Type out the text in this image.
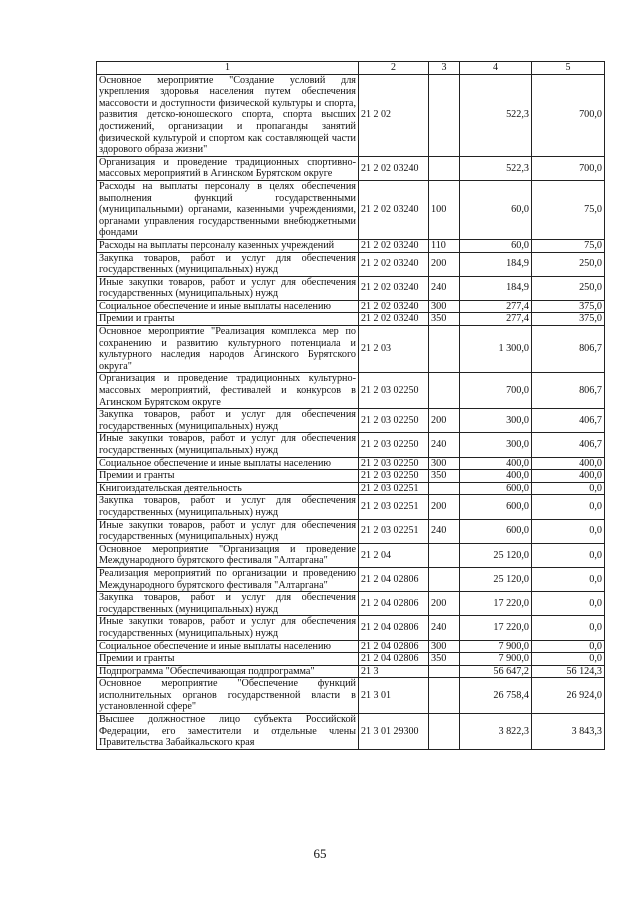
1	2	3	4	5
Основное мероприятие "Создание условий для укрепления здоровья населения путем обеспечения массовости и доступности физической культуры и спорта, развития детско-юношеского спорта, спорта высших достижений, организации и пропаганды занятий физической культурой и спортом как составляющей части здорового образа жизни"	21 2 02		522,3	700,0
Организация и проведение традиционных спортивно-массовых мероприятий в Агинском Бурятском округе	21 2 02 03240		522,3	700,0
Расходы на выплаты персоналу в целях обеспечения выполнения функций государственными (муниципальными) органами, казенными учреждениями, органами управления государственными внебюджетными фондами	21 2 02 03240	100	60,0	75,0
Расходы на выплаты персоналу казенных учреждений	21 2 02 03240	110	60,0	75,0
Закупка товаров, работ и услуг для обеспечения государственных (муниципальных) нужд	21 2 02 03240	200	184,9	250,0
Иные закупки товаров, работ и услуг для обеспечения государственных (муниципальных) нужд	21 2 02 03240	240	184,9	250,0
Социальное обеспечение и иные выплаты населению	21 2 02 03240	300	277,4	375,0
Премии и гранты	21 2 02 03240	350	277,4	375,0
Основное мероприятие "Реализация комплекса мер по сохранению и развитию культурного потенциала и культурного наследия народов Агинского Бурятского округа"	21 2 03		1 300,0	806,7
Организация и проведение традиционных культурно-массовых мероприятий, фестивалей и конкурсов в Агинском Бурятском округе	21 2 03 02250		700,0	806,7
Закупка товаров, работ и услуг для обеспечения государственных (муниципальных) нужд	21 2 03 02250	200	300,0	406,7
Иные закупки товаров, работ и услуг для обеспечения государственных (муниципальных) нужд	21 2 03 02250	240	300,0	406,7
Социальное обеспечение и иные выплаты населению	21 2 03 02250	300	400,0	400,0
Премии и гранты	21 2 03 02250	350	400,0	400,0
Книгоиздательская деятельность	21 2 03 02251		600,0	0,0
Закупка товаров, работ и услуг для обеспечения государственных (муниципальных) нужд	21 2 03 02251	200	600,0	0,0
Иные закупки товаров, работ и услуг для обеспечения государственных (муниципальных) нужд	21 2 03 02251	240	600,0	0,0
Основное мероприятие "Организация и проведение Международного бурятского фестиваля "Алтаргана"	21 2 04		25 120,0	0,0
Реализация мероприятий по организации и проведению Международного бурятского фестиваля "Алтаргана"	21 2 04 02806		25 120,0	0,0
Закупка товаров, работ и услуг для обеспечения государственных (муниципальных) нужд	21 2 04 02806	200	17 220,0	0,0
Иные закупки товаров, работ и услуг для обеспечения государственных (муниципальных) нужд	21 2 04 02806	240	17 220,0	0,0
Социальное обеспечение и иные выплаты населению	21 2 04 02806	300	7 900,0	0,0
Премии и гранты	21 2 04 02806	350	7 900,0	0,0
Подпрограмма "Обеспечивающая подпрограмма"	21 3		56 647,2	56 124,3
Основное мероприятие "Обеспечение функций исполнительных органов государственной власти в установленной сфере"	21 3 01		26 758,4	26 924,0
Высшее должностное лицо субъекта Российской Федерации, его заместители и отдельные члены Правительства Забайкальского края	21 3 01 29300		3 822,3	3 843,3
65
